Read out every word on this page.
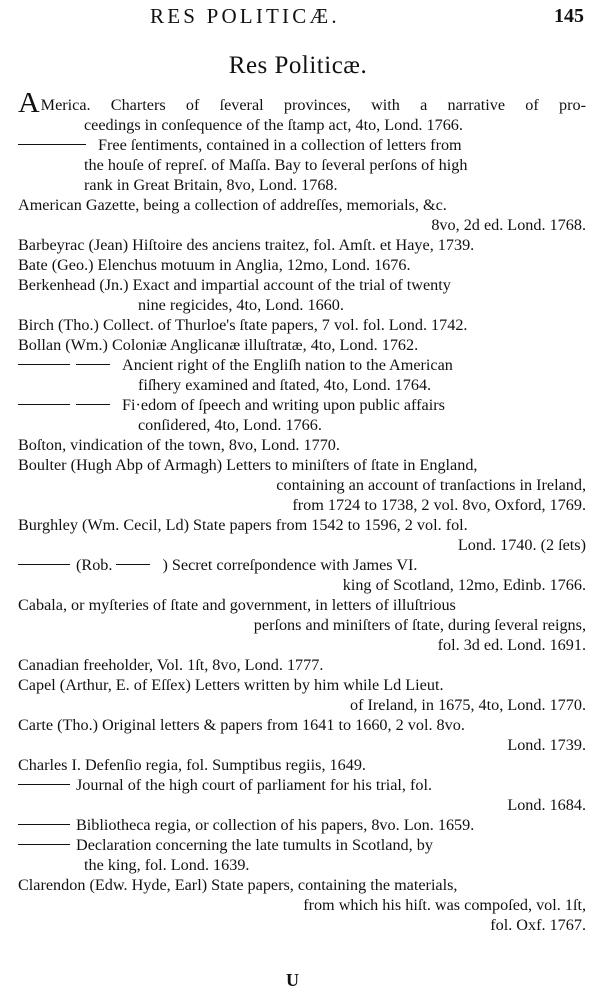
RES POLITICÆ.	145
Res Politicæ.
AMerica. Charters of ſeveral provinces, with a narrative of pro-
ceedings in conſequence of the ſtamp act, 4to, Lond. 1766.
Free ſentiments, contained in a collection of letters from
the houſe of repreſ. of Maſſa. Bay to ſeveral perſons of high
rank in Great Britain, 8vo, Lond. 1768.
American Gazette, being a collection of addreſſes, memorials, &c.
8vo, 2d ed. Lond. 1768.
Barbeyrac (Jean) Hiſtoire des anciens traitez, fol. Amſt. et Haye, 1739.
Bate (Geo.) Elenchus motuum in Anglia, 12mo, Lond. 1676.
Berkenhead (Jn.) Exact and impartial account of the trial of twenty
nine regicides, 4to, Lond. 1660.
Birch (Tho.) Collect. of Thurloe's ſtate papers, 7 vol. fol. Lond. 1742.
Bollan (Wm.) Coloniæ Anglicanæ illuſtratæ, 4to, Lond. 1762.
Ancient right of the Engliſh nation to the American
fiſhery examined and ſtated, 4to, Lond. 1764.
Fi·edom of ſpeech and writing upon public affairs
conſidered, 4to, Lond. 1766.
Boſton, vindication of the town, 8vo, Lond. 1770.
Boulter (Hugh Abp of Armagh) Letters to miniſters of ſtate in England,
containing an account of tranſactions in Ireland,
from 1724 to 1738, 2 vol. 8vo, Oxford, 1769.
Burghley (Wm. Cecil, Ld) State papers from 1542 to 1596, 2 vol. fol.
Lond. 1740. (2 ſets)
(Rob.	) Secret correſpondence with James VI.
king of Scotland, 12mo, Edinb. 1766.
Cabala, or myſteries of ſtate and government, in letters of illuſtrious
perſons and miniſters of ſtate, during ſeveral reigns,
fol. 3d ed. Lond. 1691.
Canadian freeholder, Vol. 1ſt, 8vo, Lond. 1777.
Capel (Arthur, E. of Eſſex) Letters written by him while Ld Lieut.
of Ireland, in 1675, 4to, Lond. 1770.
Carte (Tho.) Original letters & papers from 1641 to 1660, 2 vol. 8vo.
Lond. 1739.
Charles I. Defenſio regia, fol. Sumptibus regiis, 1649.
Journal of the high court of parliament for his trial, fol.
Lond. 1684.
Bibliotheca regia, or collection of his papers, 8vo. Lon. 1659.
Declaration concerning the late tumults in Scotland, by
the king, fol. Lond. 1639.
Clarendon (Edw. Hyde, Earl) State papers, containing the materials,
from which his hiſt. was compoſed, vol. 1ſt,
fol. Oxf. 1767.
U
